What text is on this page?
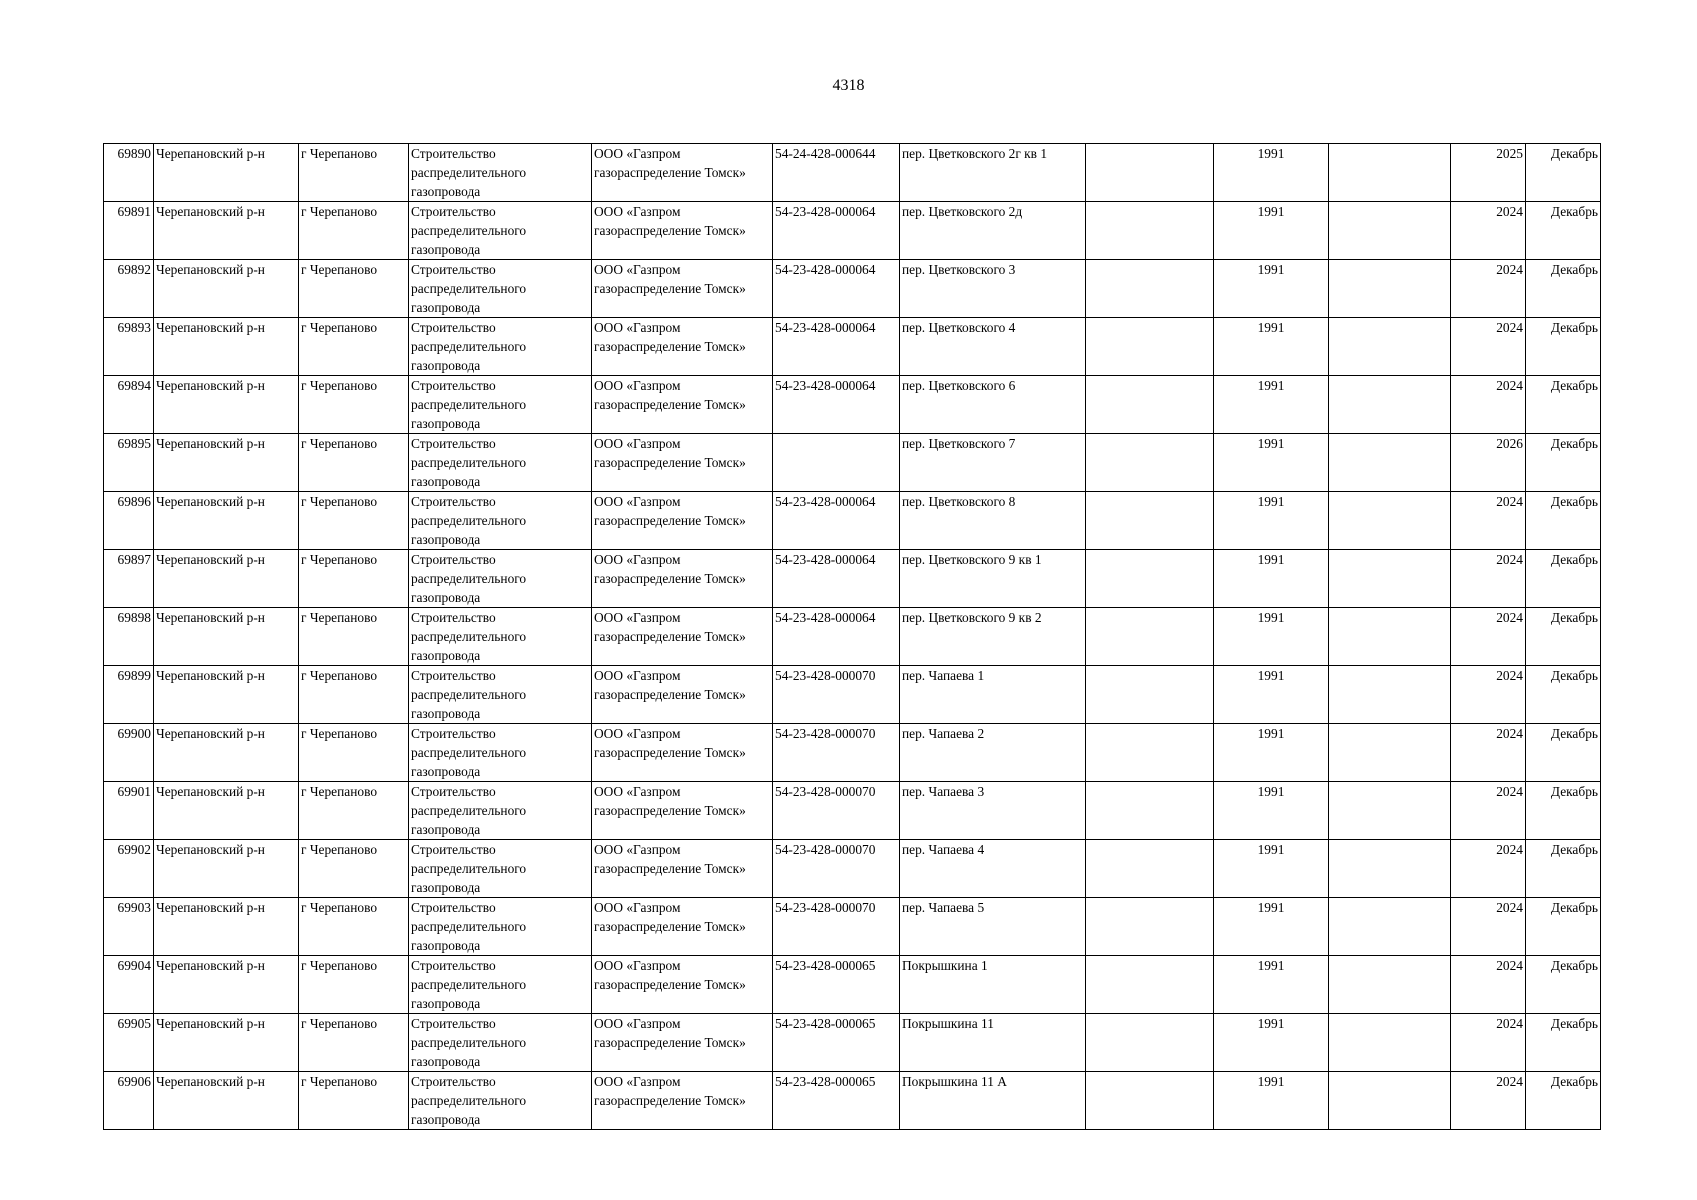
4318
69890	Черепановский р-н	г Черепаново	Строительство распределительного газопровода	ООО «Газпром газораспределение Томск»	54-24-428-000644	пер. Цветковского 2г кв 1		1991		2025	Декабрь
69891	Черепановский р-н	г Черепаново	Строительство распределительного газопровода	ООО «Газпром газораспределение Томск»	54-23-428-000064	пер. Цветковского 2д		1991		2024	Декабрь
69892	Черепановский р-н	г Черепаново	Строительство распределительного газопровода	ООО «Газпром газораспределение Томск»	54-23-428-000064	пер. Цветковского 3		1991		2024	Декабрь
69893	Черепановский р-н	г Черепаново	Строительство распределительного газопровода	ООО «Газпром газораспределение Томск»	54-23-428-000064	пер. Цветковского 4		1991		2024	Декабрь
69894	Черепановский р-н	г Черепаново	Строительство распределительного газопровода	ООО «Газпром газораспределение Томск»	54-23-428-000064	пер. Цветковского 6		1991		2024	Декабрь
69895	Черепановский р-н	г Черепаново	Строительство распределительного газопровода	ООО «Газпром газораспределение Томск»		пер. Цветковского 7		1991		2026	Декабрь
69896	Черепановский р-н	г Черепаново	Строительство распределительного газопровода	ООО «Газпром газораспределение Томск»	54-23-428-000064	пер. Цветковского 8		1991		2024	Декабрь
69897	Черепановский р-н	г Черепаново	Строительство распределительного газопровода	ООО «Газпром газораспределение Томск»	54-23-428-000064	пер. Цветковского 9 кв 1		1991		2024	Декабрь
69898	Черепановский р-н	г Черепаново	Строительство распределительного газопровода	ООО «Газпром газораспределение Томск»	54-23-428-000064	пер. Цветковского 9 кв 2		1991		2024	Декабрь
69899	Черепановский р-н	г Черепаново	Строительство распределительного газопровода	ООО «Газпром газораспределение Томск»	54-23-428-000070	пер. Чапаева 1		1991		2024	Декабрь
69900	Черепановский р-н	г Черепаново	Строительство распределительного газопровода	ООО «Газпром газораспределение Томск»	54-23-428-000070	пер. Чапаева 2		1991		2024	Декабрь
69901	Черепановский р-н	г Черепаново	Строительство распределительного газопровода	ООО «Газпром газораспределение Томск»	54-23-428-000070	пер. Чапаева 3		1991		2024	Декабрь
69902	Черепановский р-н	г Черепаново	Строительство распределительного газопровода	ООО «Газпром газораспределение Томск»	54-23-428-000070	пер. Чапаева 4		1991		2024	Декабрь
69903	Черепановский р-н	г Черепаново	Строительство распределительного газопровода	ООО «Газпром газораспределение Томск»	54-23-428-000070	пер. Чапаева 5		1991		2024	Декабрь
69904	Черепановский р-н	г Черепаново	Строительство распределительного газопровода	ООО «Газпром газораспределение Томск»	54-23-428-000065	Покрышкина 1		1991		2024	Декабрь
69905	Черепановский р-н	г Черепаново	Строительство распределительного газопровода	ООО «Газпром газораспределение Томск»	54-23-428-000065	Покрышкина 11		1991		2024	Декабрь
69906	Черепановский р-н	г Черепаново	Строительство распределительного газопровода	ООО «Газпром газораспределение Томск»	54-23-428-000065	Покрышкина 11 А		1991		2024	Декабрь
